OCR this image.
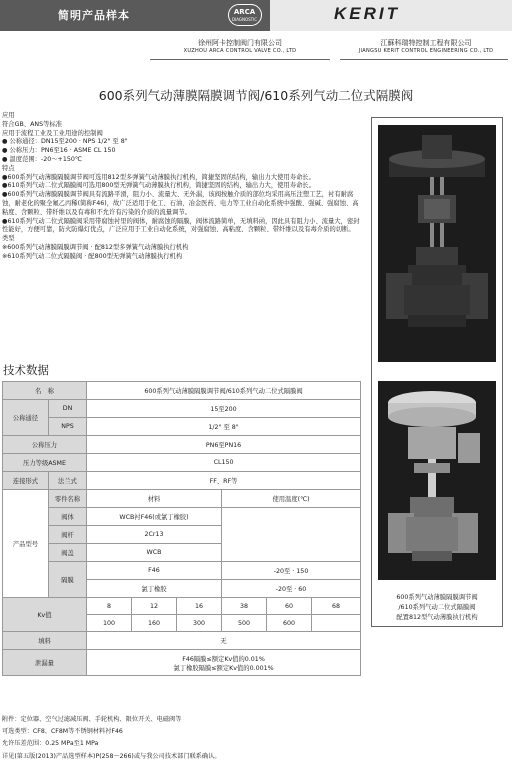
简明产品样本	ARCA
DIAGNOSTIC	KERIT
徐州阿卡控制阀门有限公司
XUZHOU ARCA CONTROL VALVE CO., LTD
江蘇科瑞特控制工程有限公司
JIANGSU KERIT CONTROL ENGINEERING CO., LTD
600系列气动薄膜隔膜调节阀/610系列气动二位式隔膜阀

应用

符合GB、ANS等标准

应用于流程工业及工业用途的控制阀

● 公称通径：DN15至200 · NPS 1/2" 至 8"

● 公称压力：PN6至16 · ASME CL 150

● 温度范围：-20～+150℃

特点

●600系列气动薄膜隔膜调节阀可选用812型多弹簧气动薄膜执行机构，简捷坚固的结构，输出力大使用寿命长。

●610系列气动二位式隔膜阀可选用800型无弹簧气动薄膜执行机构，简捷坚固的结构，输出力大，使用寿命长。

●600系列气动薄膜隔膜调节阀具有流路平滑，阻力小、流量大、无外漏，该阀按触介质的部位均采用高压注塑工艺，衬有耐腐蚀，耐老化的聚全氟乙丙稀(简称F46)，故广泛适用于化工、石油、冶金医药、电力等工业自动化系统中强酸、强碱、强腐蚀、高粘度、含颗粒、带纤维以及有毒和不允许有污染的介质的流量调节。

●610系列气动二位式隔膜阀采用带腐蚀衬里的阀体，耐腐蚀的隔膜，阀体流路简单，无填料函，因此具有阻力小、流量大，密封性能好，方便可靠，防火防爆灯优点，广泛应用于工业自动化系统，对强腐蚀、高粘度、含颗粒、带纤维以及有毒介质的切断。

类型

※600系列气动薄膜隔膜调节阀 · 配812型多弹簧气动薄膜执行机构

※610系列气动二位式隔膜阀 · 配800型无弹簧气动薄膜执行机构

600系列气动薄膜隔膜调节阀
/610系列气动二位式隔膜阀
配置812型气动薄膜执行机构
技术数据
名　称		600系列气动薄膜隔膜调节阀/610系列气动二位式隔膜阀					
公称通径	DN	15至200					
	NPS	1/2" 至 8"					
公称压力		PN6至PN16					
压力等级ASME		CL150					
连接形式	法兰式	FF、RF等					
产品型号	零件名称	材料			使用温度(℃)		
	阀体	WCB衬F46(或氯丁橡胶)					
	阀杆	2Cr13					
	阀盖	WCB					
	隔膜	F46			-20至 · 150		
		氯丁橡胶			-20至 · 60		
Kv值		8	12	16	38	60	68
		100	160	300	500	600	
填料		无					
泄漏量		F46隔膜≤额定Kv值的0.01%
氯丁橡胶隔膜≤额定Kv值的0.001%					
附件：定位器、空气过滤减压阀、手轮机构、限位开关、电磁阀等
可选类型：CF8、CF8M等不锈钢材料衬F46
允许压差范围：0.25 MPa至1 MPa
详见(第五版(2013)产品选型样本)P(258～266)或与我公司技术部门联系确认。
